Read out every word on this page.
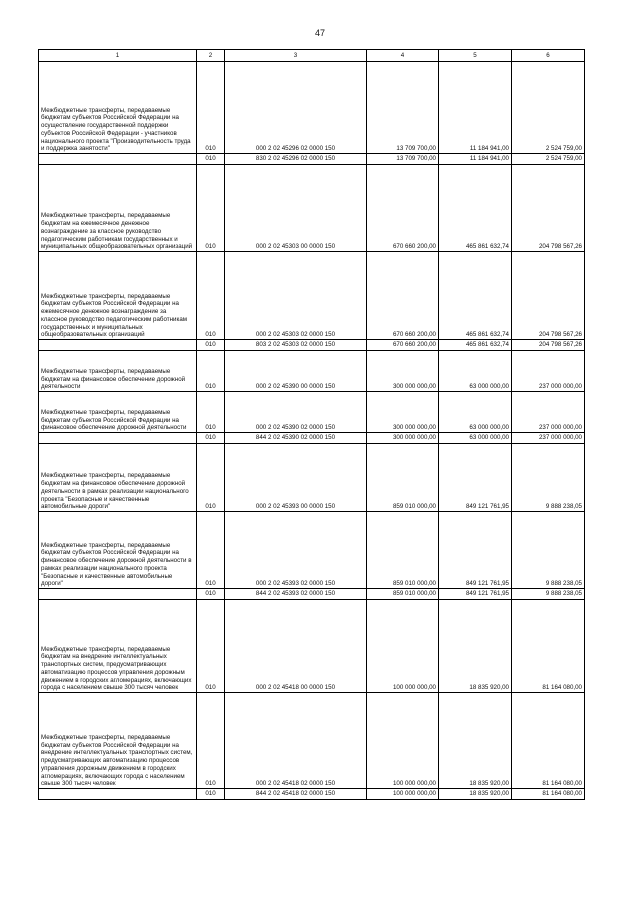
47
1	2	3	4	5	6
Межбюджетные трансферты, передаваемые бюджетам субъектов Российской Федерации на осуществление государственной поддержки субъектов Российской Федерации - участников национального проекта "Производительность труда и поддержка занятости"	010	000 2 02 45296 02 0000 150	13 709 700,00	11 184 941,00	2 524 759,00
	010	830 2 02 45296 02 0000 150	13 709 700,00	11 184 941,00	2 524 759,00
Межбюджетные трансферты, передаваемые бюджетам на ежемесячное денежное вознаграждение за классное руководство педагогическим работникам государственных и муниципальных общеобразовательных организаций	010	000 2 02 45303 00 0000 150	670 660 200,00	465 861 632,74	204 798 567,26
Межбюджетные трансферты, передаваемые бюджетам субъектов Российской Федерации на ежемесячное денежное вознаграждение за классное руководство педагогическим работникам государственных и муниципальных общеобразовательных организаций	010	000 2 02 45303 02 0000 150	670 660 200,00	465 861 632,74	204 798 567,26
	010	803 2 02 45303 02 0000 150	670 660 200,00	465 861 632,74	204 798 567,26
Межбюджетные трансферты, передаваемые бюджетам на финансовое обеспечение дорожной деятельности	010	000 2 02 45390 00 0000 150	300 000 000,00	63 000 000,00	237 000 000,00
Межбюджетные трансферты, передаваемые бюджетам субъектов Российской Федерации на финансовое обеспечение дорожной деятельности	010	000 2 02 45390 02 0000 150	300 000 000,00	63 000 000,00	237 000 000,00
	010	844 2 02 45390 02 0000 150	300 000 000,00	63 000 000,00	237 000 000,00
Межбюджетные трансферты, передаваемые бюджетам на финансовое обеспечение дорожной деятельности в рамках реализации национального проекта "Безопасные и качественные автомобильные дороги"	010	000 2 02 45393 00 0000 150	859 010 000,00	849 121 761,95	9 888 238,05
Межбюджетные трансферты, передаваемые бюджетам субъектов Российской Федерации на финансовое обеспечение дорожной деятельности в рамках реализации национального проекта "Безопасные и качественные автомобильные дороги"	010	000 2 02 45393 02 0000 150	859 010 000,00	849 121 761,95	9 888 238,05
	010	844 2 02 45393 02 0000 150	859 010 000,00	849 121 761,95	9 888 238,05
Межбюджетные трансферты, передаваемые бюджетам на внедрение интеллектуальных транспортных систем, предусматривающих автоматизацию процессов управления дорожным движением в городских агломерациях, включающих города с населением свыше 300 тысяч человек	010	000 2 02 45418 00 0000 150	100 000 000,00	18 835 920,00	81 164 080,00
Межбюджетные трансферты, передаваемые бюджетам субъектов Российской Федерации на внедрение интеллектуальных транспортных систем, предусматривающих автоматизацию процессов управления дорожным движением в городских агломерациях, включающих города с населением свыше 300 тысяч человек	010	000 2 02 45418 02 0000 150	100 000 000,00	18 835 920,00	81 164 080,00
	010	844 2 02 45418 02 0000 150	100 000 000,00	18 835 920,00	81 164 080,00
